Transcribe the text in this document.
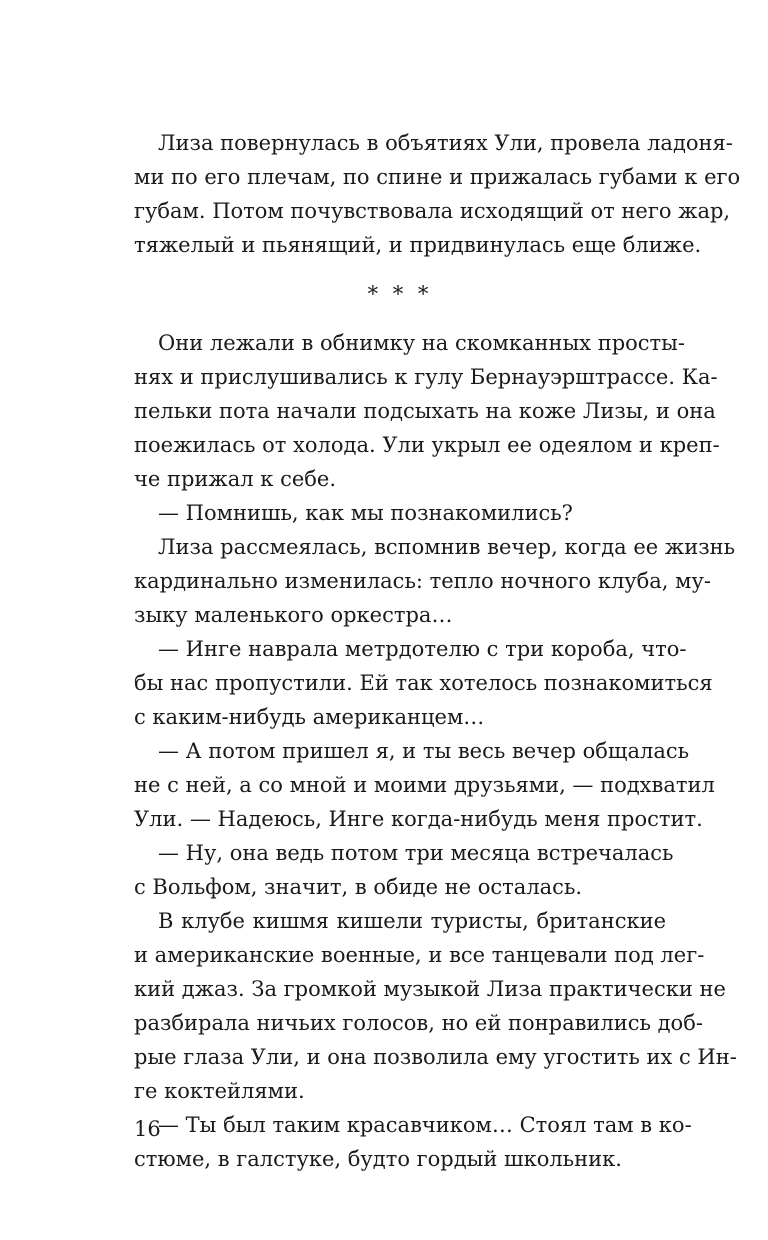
Лиза повернулась в объятиях Ули, провела ладоня-
ми по его плечам, по спине и прижалась губами к его
губам. Потом почувствовала исходящий от него жар,
тяжелый и пьянящий, и придвинулась еще ближе.
* * *
Они лежали в обнимку на скомканных просты-
нях и прислушивались к гулу Бернауэрштрассе. Ка-
пельки пота начали подсыхать на коже Лизы, и она
поежилась от холода. Ули укрыл ее одеялом и креп-
че прижал к себе.
— Помнишь, как мы познакомились?
Лиза рассмеялась, вспомнив вечер, когда ее жизнь
кардинально изменилась: тепло ночного клуба, му-
зыку маленького оркестра…
— Инге наврала метрдотелю с три короба, что-
бы нас пропустили. Ей так хотелось познакомиться
с каким-нибудь американцем…
— А потом пришел я, и ты весь вечер общалась
не с ней, а со мной и моими друзьями, — подхватил
Ули. — Надеюсь, Инге когда-нибудь меня простит.
— Ну, она ведь потом три месяца встречалась
с Вольфом, значит, в обиде не осталась.
В клубе кишмя кишели туристы, британские
и американские военные, и все танцевали под лег-
кий джаз. За громкой музыкой Лиза практически не
разбирала ничьих голосов, но ей понравились доб-
рые глаза Ули, и она позволила ему угостить их с Ин-
ге коктейлями.
— Ты был таким красавчиком… Стоял там в ко-
стюме, в галстуке, будто гордый школьник.
16
